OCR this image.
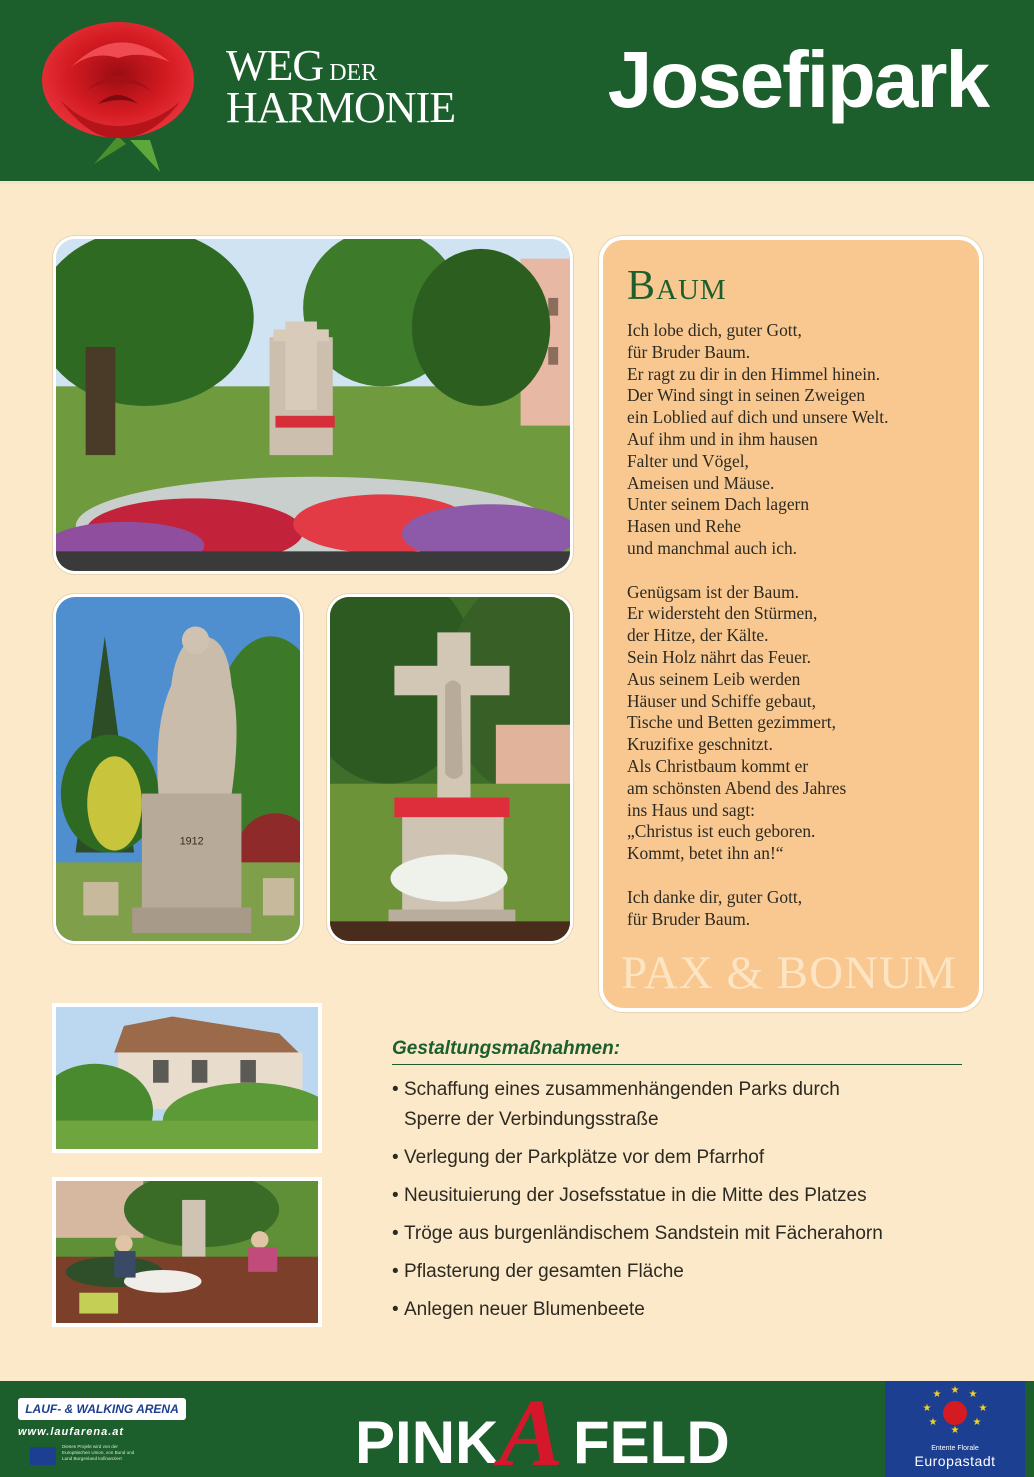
WEG DER
HARMONIE Josefipark
1912
Baum
Ich lobe dich, guter Gott,
für Bruder Baum.
Er ragt zu dir in den Himmel hinein.
Der Wind singt in seinen Zweigen
ein Loblied auf dich und unsere Welt.
Auf ihm und in ihm hausen
Falter und Vögel,
Ameisen und Mäuse.
Unter seinem Dach lagern
Hasen und Rehe
und manchmal auch ich.

Genügsam ist der Baum.
Er widersteht den Stürmen,
der Hitze, der Kälte.
Sein Holz nährt das Feuer.
Aus seinem Leib werden
Häuser und Schiffe gebaut,
Tische und Betten gezimmert,
Kruzifixe geschnitzt.
Als Christbaum kommt er
am schönsten Abend des Jahres
ins Haus und sagt:
„Christus ist euch geboren.
Kommt, betet ihn an!“

Ich danke dir, guter Gott,
für Bruder Baum.
PAX & BONUM
Gestaltungsmaßnahmen:
• Schaffung eines zusammenhängenden Parks durch
Sperre der Verbindungsstraße
• Verlegung der Parkplätze vor dem Pfarrhof
• Neusituierung der Josefsstatue in die Mitte des Platzes
• Tröge aus burgenländischem Sandstein mit Fächerahorn
• Pflasterung der gesamten Fläche
• Anlegen neuer Blumenbeete
LAUF- & WALKING ARENA
www.laufarena.at
Dieses Projekt wird von der Europäischen Union, von Bund und Land Burgenland kofinanziert	PINK A FELD
★ ★
★
★
★
★
★
★
Entente Florale
Europastadt
